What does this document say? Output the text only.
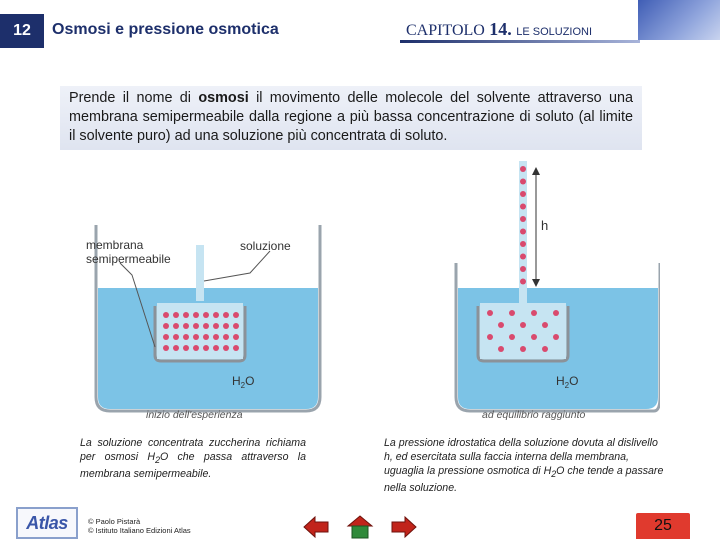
12	Osmosi e pressione osmotica	CAPITOLO 14. LE SOLUZIONI
Prende il nome di osmosi il movimento delle molecole del solvente attraverso una membrana semipermeabile dalla regione a più bassa concentrazione di soluto (al limite il solvente puro) ad una soluzione più concentrata di soluto.
membrana
semipermeabile
soluzione
$H_2O$
inizio dell'esperienza
h
$H_2O$
ad equilibrio raggiunto
La soluzione concentrata zuccherina richiama per osmosi $H_2O$ che passa attraverso la membrana semipermeabile.
La pressione idrostatica della soluzione dovuta al dislivello h, ed esercitata sulla faccia interna della membrana, uguaglia la pressione osmotica di $H_2O$ che tende a passare nella soluzione.
Atlas	© Paolo Pistarà
© Istituto Italiano Edizioni Atlas	25
